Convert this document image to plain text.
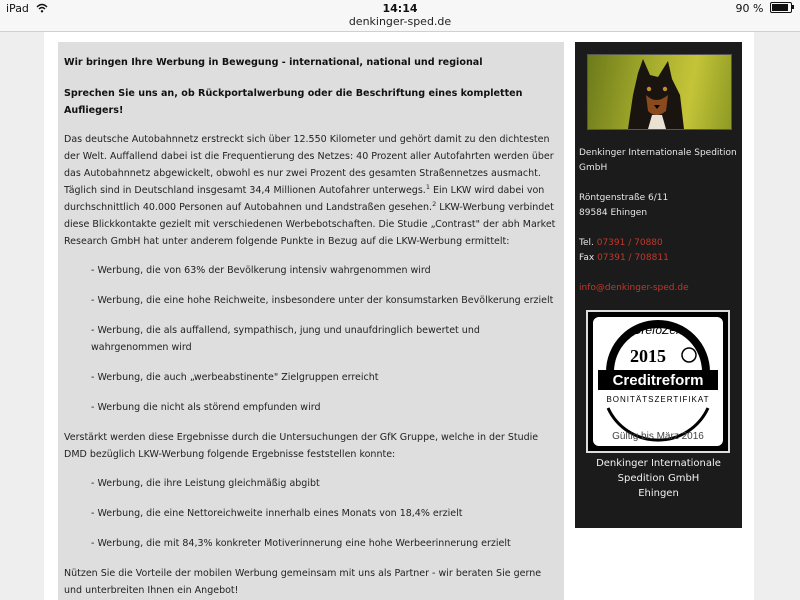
iPad	14:14
denkinger-sped.de
90 %
Wir bringen Ihre Werbung in Bewegung - international, national und regional
Sprechen Sie uns an, ob Rückportalwerbung oder die Beschriftung eines kompletten Aufliegers!
Das deutsche Autobahnnetz erstreckt sich über 12.550 Kilometer und gehört damit zu den dichtesten der Welt. Auffallend dabei ist die Frequentierung des Netzes: 40 Prozent aller Autofahrten werden über das Autobahnnetz abgewickelt, obwohl es nur zwei Prozent des gesamten Straßennetzes ausmacht. Täglich sind in Deutschland insgesamt 34,4 Millionen Autofahrer unterwegs.$^1$ Ein LKW wird dabei von durchschnittlich 40.000 Personen auf Autobahnen und Landstraßen gesehen.$^2$ LKW-Werbung verbindet diese Blickkontakte gezielt mit verschiedenen Werbebotschaften. Die Studie „Contrast" der abh Market Research GmbH hat unter anderem folgende Punkte in Bezug auf die LKW-Werbung ermittelt:
- Werbung, die von 63% der Bevölkerung intensiv wahrgenommen wird
- Werbung, die eine hohe Reichweite, insbesondere unter der konsumstarken Bevölkerung erzielt
- Werbung, die als auffallend, sympathisch, jung und unaufdringlich bewertet und wahrgenommen wird
- Werbung, die auch „werbeabstinente" Zielgruppen erreicht
- Werbung die nicht als störend empfunden wird
Verstärkt werden diese Ergebnisse durch die Untersuchungen der GfK Gruppe, welche in der Studie DMD bezüglich LKW-Werbung folgende Ergebnisse feststellen konnte:
- Werbung, die ihre Leistung gleichmäßig abgibt
- Werbung, die eine Nettoreichweite innerhalb eines Monats von 18,4% erzielt
- Werbung, die mit 84,3% konkreter Motiverinnerung eine hohe Werbeerinnerung erzielt
Nützen Sie die Vorteile der mobilen Werbung gemeinsam mit uns als Partner - wir beraten Sie gerne und unterbreiten Ihnen ein Angebot!
Denkinger Internationale Spedition
GmbH
Röntgenstraße 6/11
89584 Ehingen
Tel. 07391 / 70880
Fax 07391 / 708811
info@denkinger-sped.de
CrefoZert
2015
Creditreform
BONITÄTSZERTIFIKAT
Gültig bis März 2016
Denkinger Internationale
Spedition GmbH
Ehingen
